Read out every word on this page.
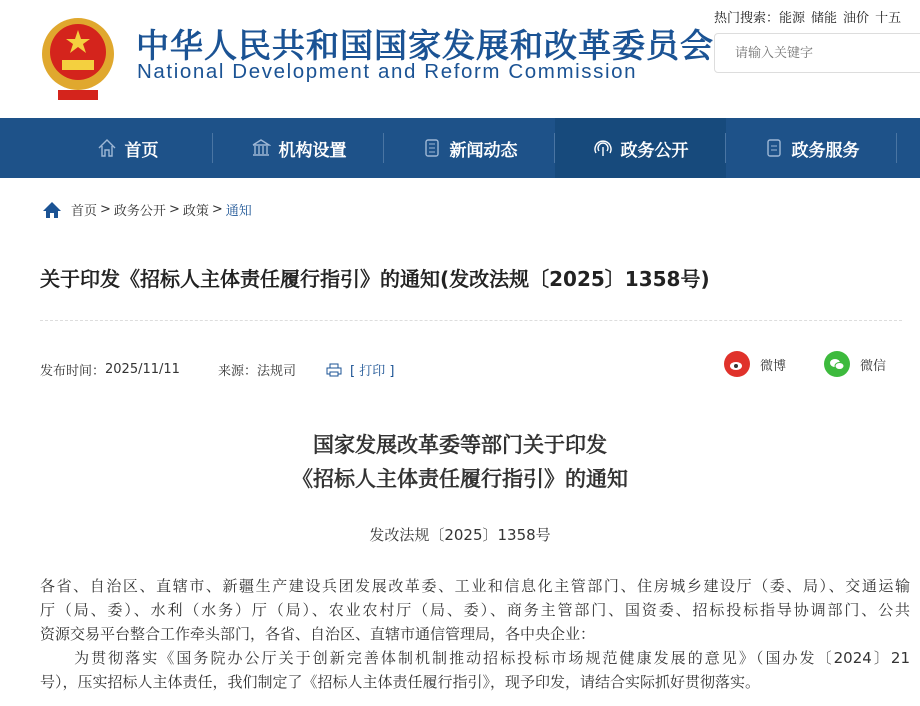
中华人民共和国国家发展和改革委员会
National Development and Reform Commission
热门搜索：能源 储能 油价 十五
请输入关键字
首页	机构设置	新闻动态	政务公开	政务服务
首页 > 政务公开 > 政策 > 通知
关于印发《招标人主体责任履行指引》的通知(发改法规〔2025〕1358号)
发布时间： 2025/11/11	来源： 法规司	[ 打印 ]	微博	微信
国家发展改革委等部门关于印发
《招标人主体责任履行指引》的通知
发改法规〔2025〕1358号
各省、自治区、直辖市、新疆生产建设兵团发展改革委、工业和信息化主管部门、住房城乡建设厅（委、局）、交通运输
厅（局、委）、水利（水务）厅（局）、农业农村厅（局、委）、商务主管部门、国资委、招标投标指导协调部门、公共
资源交易平台整合工作牵头部门，各省、自治区、直辖市通信管理局，各中央企业：
　　为贯彻落实《国务院办公厅关于创新完善体制机制推动招标投标市场规范健康发展的意见》（国办发〔2024〕21
号），压实招标人主体责任，我们制定了《招标人主体责任履行指引》，现予印发，请结合实际抓好贯彻落实。
